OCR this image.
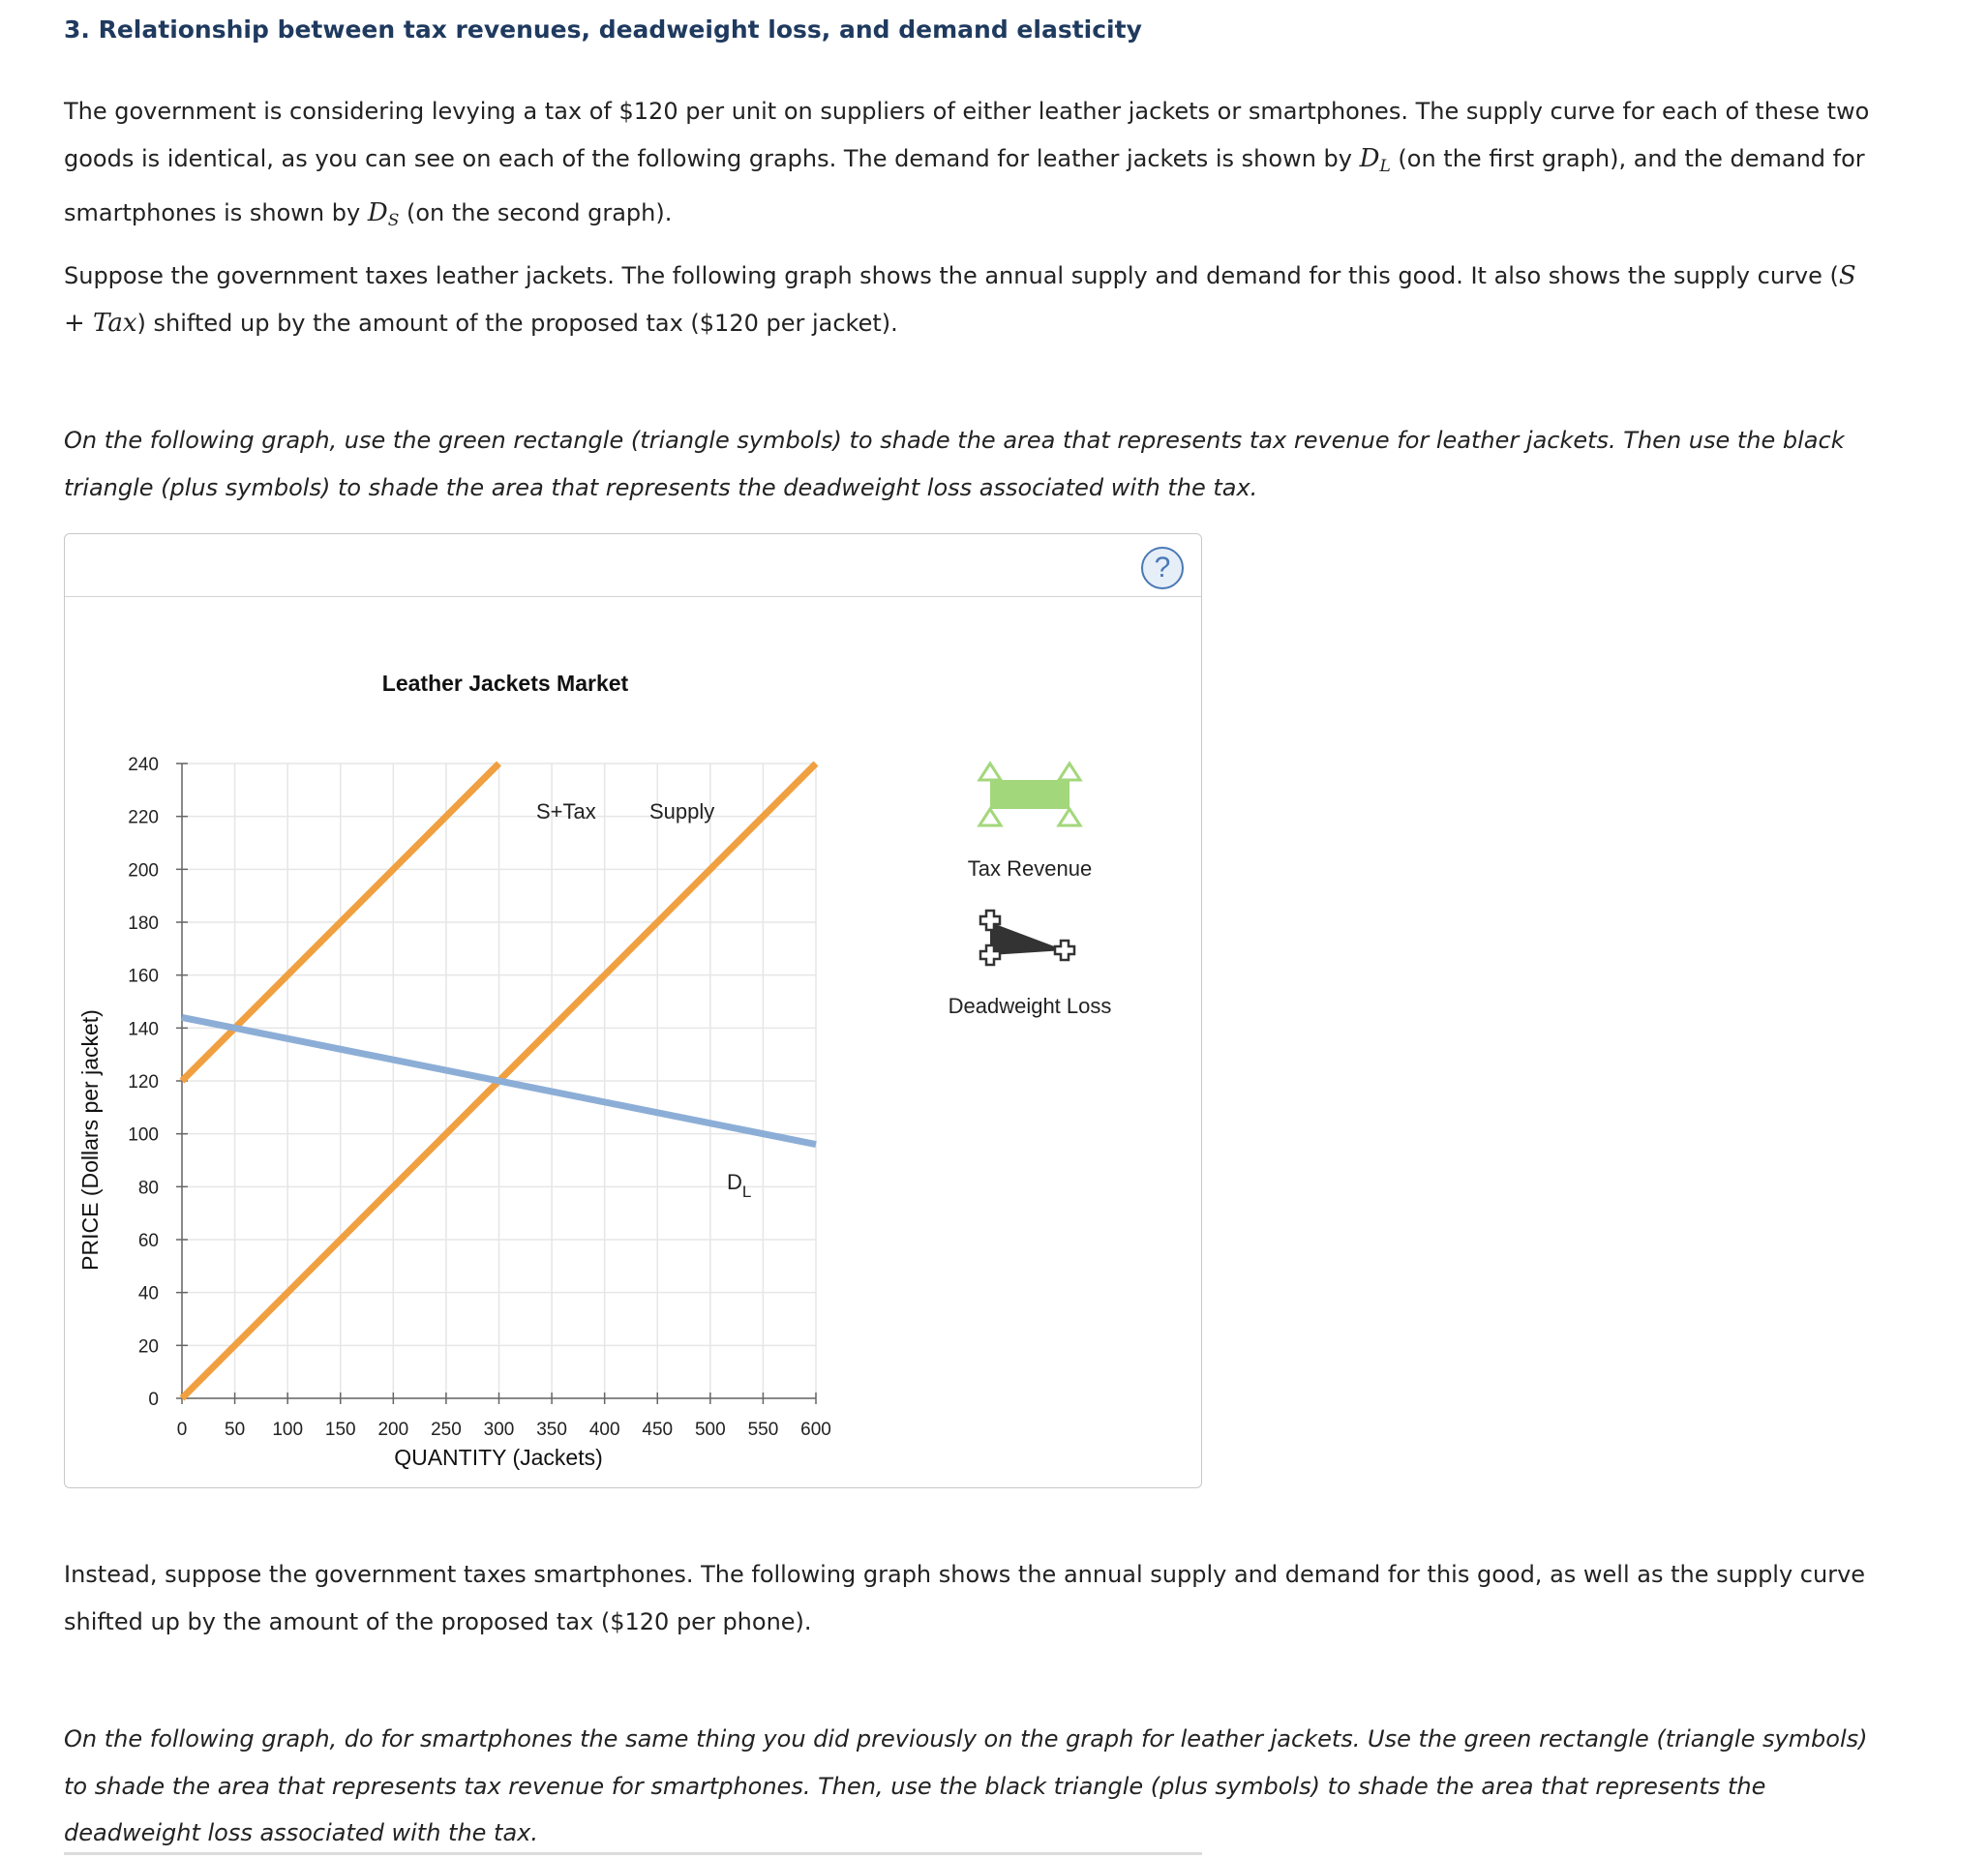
3. Relationship between tax revenues, deadweight loss, and demand elasticity

The government is considering levying a tax of $120 per unit on suppliers of either leather jackets or smartphones. The supply curve for each of these two goods is identical, as you can see on each of the following graphs. The demand for leather jackets is shown by $D_L$ (on the first graph), and the demand for smartphones is shown by $D_S$ (on the second graph).

Suppose the government taxes leather jackets. The following graph shows the annual supply and demand for this good. It also shows the supply curve (S + Tax) shifted up by the amount of the proposed tax ($120 per jacket).

On the following graph, use the green rectangle (triangle symbols) to shade the area that represents tax revenue for leather jackets. Then use the black triangle (plus symbols) to shade the area that represents the deadweight loss associated with the tax.

?
Leather Jackets Market
0
20
40
60
80
100
120
140
160
180
200
220
240
0 50 100 150 200 250 300 350 400 450 500 550 600
S+Tax	Supply
$D_L$
QUANTITY (Jackets)
PRICE (Dollars per jacket)
Tax Revenue
Deadweight Loss

Instead, suppose the government taxes smartphones. The following graph shows the annual supply and demand for this good, as well as the supply curve shifted up by the amount of the proposed tax ($120 per phone).

On the following graph, do for smartphones the same thing you did previously on the graph for leather jackets. Use the green rectangle (triangle symbols) to shade the area that represents tax revenue for smartphones. Then, use the black triangle (plus symbols) to shade the area that represents the deadweight loss associated with the tax.
